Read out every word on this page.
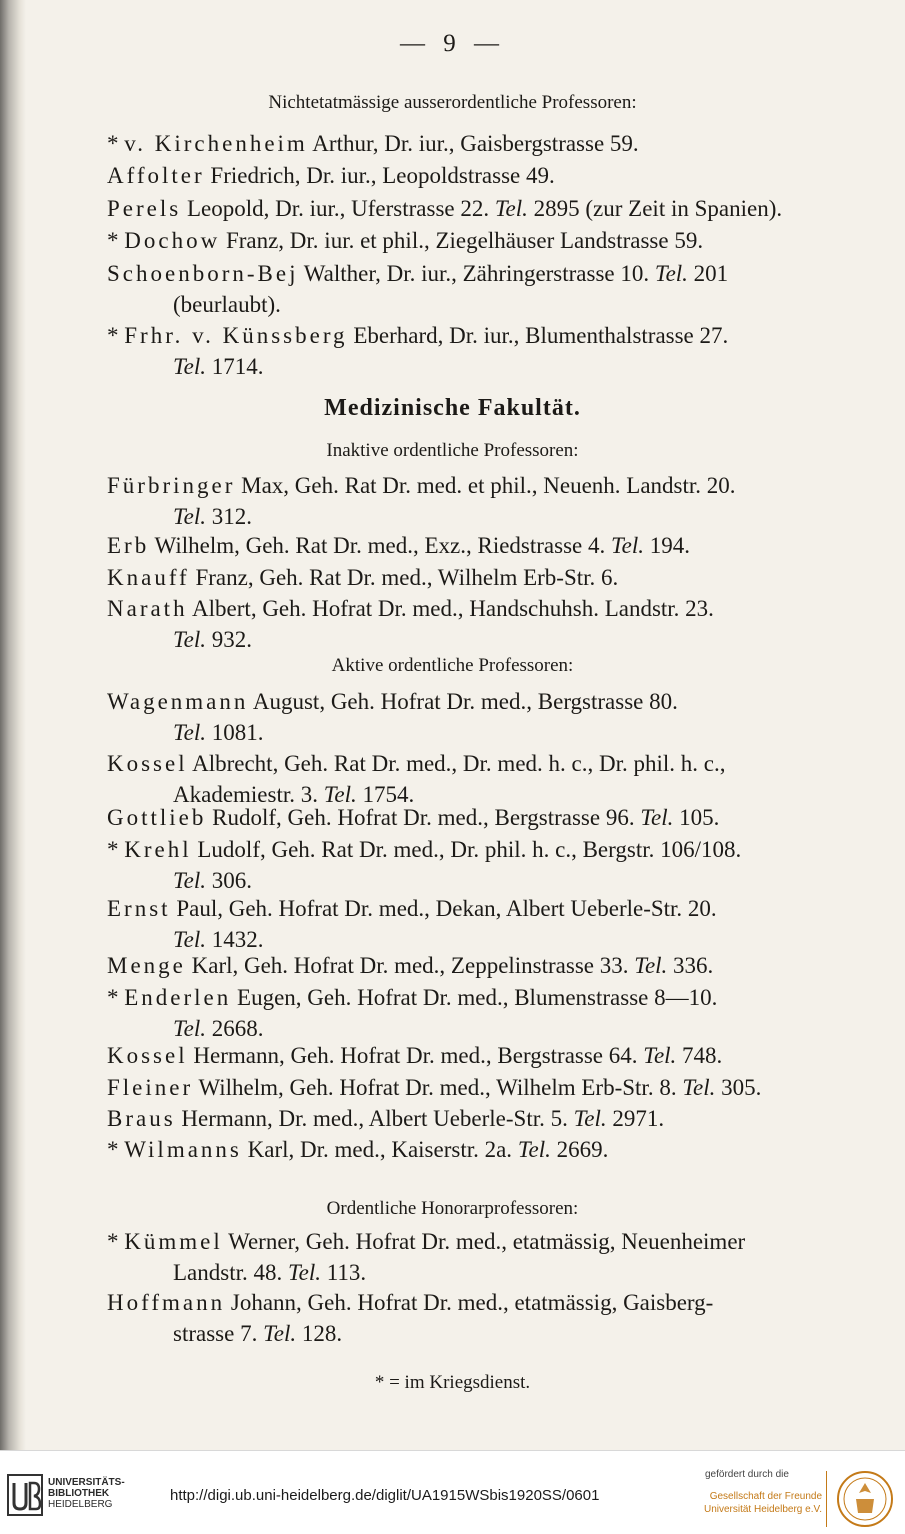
— 9 —
Nichtetatmässige ausserordentliche Professoren:
* v. Kirchenheim Arthur, Dr. iur., Gaisbergstrasse 59.
Affolter Friedrich, Dr. iur., Leopoldstrasse 49.
Perels Leopold, Dr. iur., Uferstrasse 22. Tel. 2895 (zur Zeit in Spanien).
* Dochow Franz, Dr. iur. et phil., Ziegelhäuser Landstrasse 59.
Schoenborn-Bej Walther, Dr. iur., Zähringerstrasse 10. Tel. 201
(beurlaubt).
* Frhr. v. Künssberg Eberhard, Dr. iur., Blumenthalstrasse 27.
Tel. 1714.
Medizinische Fakultät.
Inaktive ordentliche Professoren:
Fürbringer Max, Geh. Rat Dr. med. et phil., Neuenh. Landstr. 20.
Tel. 312.
Erb Wilhelm, Geh. Rat Dr. med., Exz., Riedstrasse 4. Tel. 194.
Knauff Franz, Geh. Rat Dr. med., Wilhelm Erb-Str. 6.
Narath Albert, Geh. Hofrat Dr. med., Handschuhsh. Landstr. 23.
Tel. 932.
Aktive ordentliche Professoren:
Wagenmann August, Geh. Hofrat Dr. med., Bergstrasse 80.
Tel. 1081.
Kossel Albrecht, Geh. Rat Dr. med., Dr. med. h. c., Dr. phil. h. c.,
Akademiestr. 3. Tel. 1754.
Gottlieb Rudolf, Geh. Hofrat Dr. med., Bergstrasse 96. Tel. 105.
* Krehl Ludolf, Geh. Rat Dr. med., Dr. phil. h. c., Bergstr. 106/108.
Tel. 306.
Ernst Paul, Geh. Hofrat Dr. med., Dekan, Albert Ueberle-Str. 20.
Tel. 1432.
Menge Karl, Geh. Hofrat Dr. med., Zeppelinstrasse 33. Tel. 336.
* Enderlen Eugen, Geh. Hofrat Dr. med., Blumenstrasse 8—10.
Tel. 2668.
Kossel Hermann, Geh. Hofrat Dr. med., Bergstrasse 64. Tel. 748.
Fleiner Wilhelm, Geh. Hofrat Dr. med., Wilhelm Erb-Str. 8. Tel. 305.
Braus Hermann, Dr. med., Albert Ueberle-Str. 5. Tel. 2971.
* Wilmanns Karl, Dr. med., Kaiserstr. 2a. Tel. 2669.
Ordentliche Honorarprofessoren:
* Kümmel Werner, Geh. Hofrat Dr. med., etatmässig, Neuenheimer
Landstr. 48. Tel. 113.
Hoffmann Johann, Geh. Hofrat Dr. med., etatmässig, Gaisberg-
strasse 7. Tel. 128.
* = im Kriegsdienst.
UNIVERSITÄTS-
BIBLIOTHEK
HEIDELBERG
http://digi.ub.uni-heidelberg.de/diglit/UA1915WSbis1920SS/0601
gefördert durch die
Gesellschaft der Freunde
Universität Heidelberg e.V.
